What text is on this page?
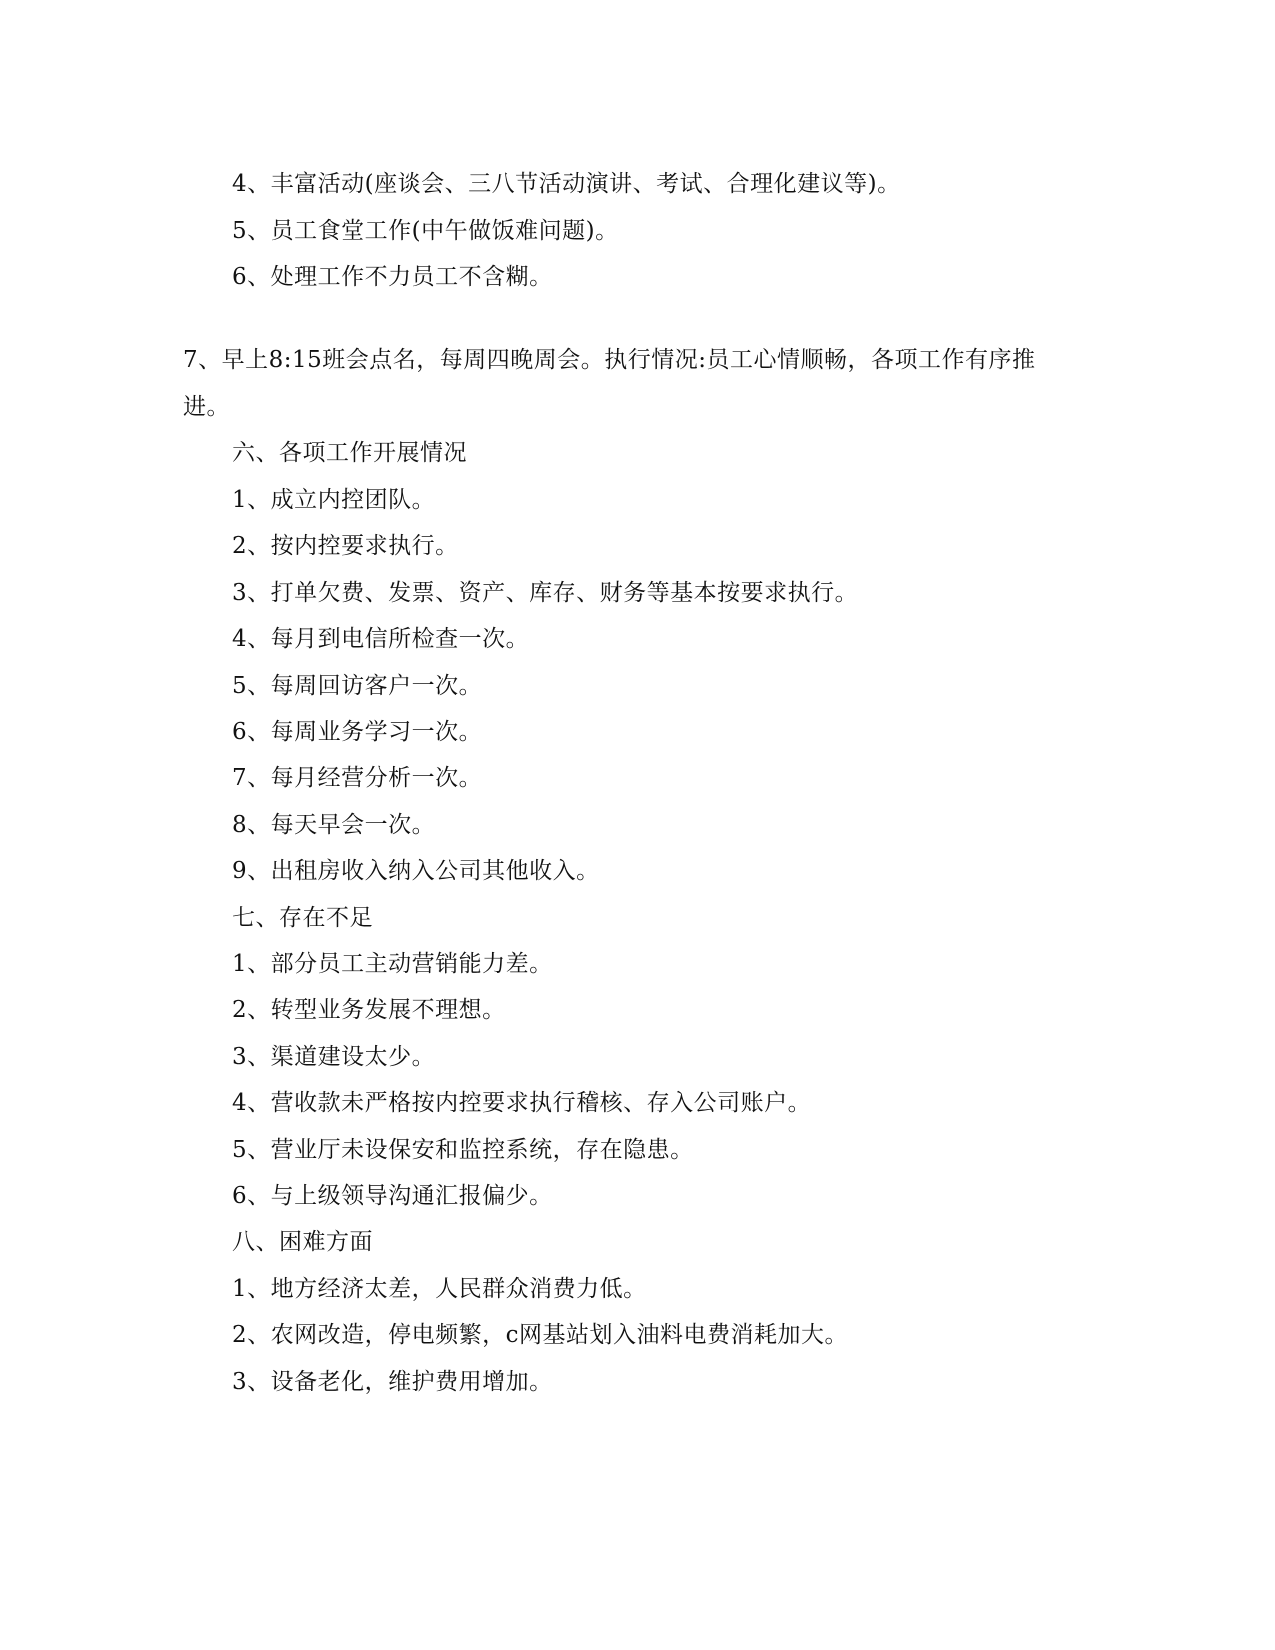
4、丰富活动(座谈会、三八节活动演讲、考试、合理化建议等)。
5、员工食堂工作(中午做饭难问题)。
6、处理工作不力员工不含糊。
7、早上8:15班会点名，每周四晚周会。执行情况:员工心情顺畅，各项工作有序推
进。
六、各项工作开展情况
1、成立内控团队。
2、按内控要求执行。
3、打单欠费、发票、资产、库存、财务等基本按要求执行。
4、每月到电信所检查一次。
5、每周回访客户一次。
6、每周业务学习一次。
7、每月经营分析一次。
8、每天早会一次。
9、出租房收入纳入公司其他收入。
七、存在不足
1、部分员工主动营销能力差。
2、转型业务发展不理想。
3、渠道建设太少。
4、营收款未严格按内控要求执行稽核、存入公司账户。
5、营业厅未设保安和监控系统，存在隐患。
6、与上级领导沟通汇报偏少。
八、困难方面
1、地方经济太差，人民群众消费力低。
2、农网改造，停电频繁，c网基站划入油料电费消耗加大。
3、设备老化，维护费用增加。
